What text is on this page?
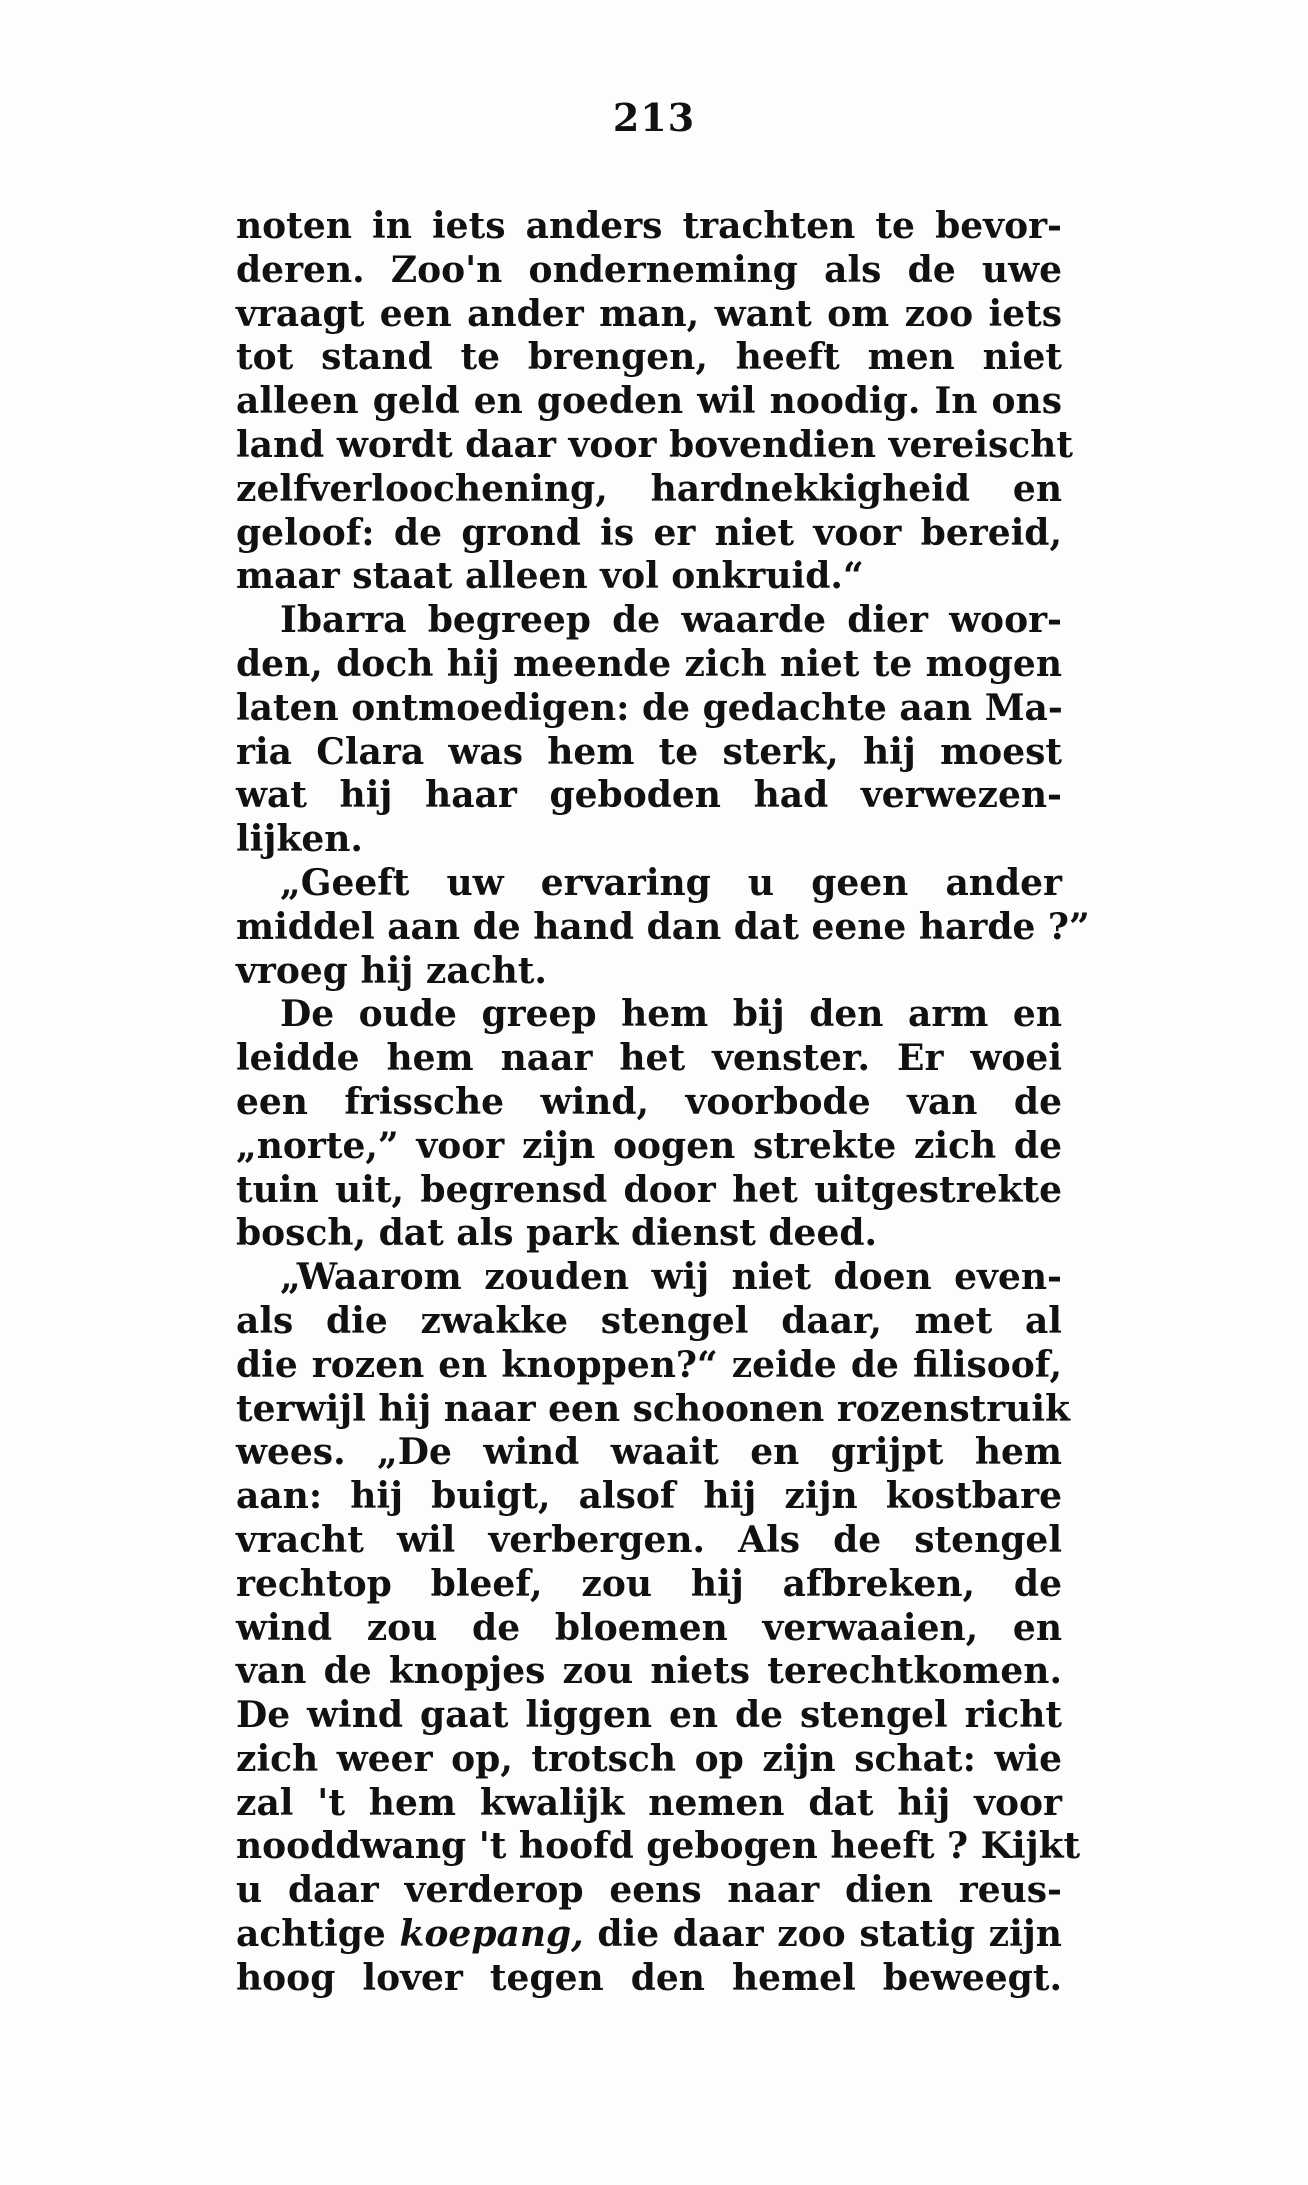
213
noten in iets anders trachten te bevor-
deren. Zoo'n onderneming als de uwe
vraagt een ander man, want om zoo iets
tot stand te brengen, heeft men niet
alleen geld en goeden wil noodig. In ons
land wordt daar voor bovendien vereischt
zelfverloochening, hardnekkigheid en
geloof: de grond is er niet voor bereid,
maar staat alleen vol onkruid.“
Ibarra begreep de waarde dier woor-
den, doch hij meende zich niet te mogen
laten ontmoedigen: de gedachte aan Ma-
ria Clara was hem te sterk, hij moest
wat hij haar geboden had verwezen-
lijken.
„Geeft uw ervaring u geen ander
middel aan de hand dan dat eene harde ?”
vroeg hij zacht.
De oude greep hem bij den arm en
leidde hem naar het venster. Er woei
een frissche wind, voorbode van de
„norte,” voor zijn oogen strekte zich de
tuin uit, begrensd door het uitgestrekte
bosch, dat als park dienst deed.
„Waarom zouden wij niet doen even-
als die zwakke stengel daar, met al
die rozen en knoppen?“ zeide de filisoof,
terwijl hij naar een schoonen rozenstruik
wees. „De wind waait en grijpt hem
aan: hij buigt, alsof hij zijn kostbare
vracht wil verbergen. Als de stengel
rechtop bleef, zou hij afbreken, de
wind zou de bloemen verwaaien, en
van de knopjes zou niets terechtkomen.
De wind gaat liggen en de stengel richt
zich weer op, trotsch op zijn schat: wie
zal 't hem kwalijk nemen dat hij voor
nooddwang 't hoofd gebogen heeft ? Kijkt
u daar verderop eens naar dien reus-
achtige koepang, die daar zoo statig zijn
hoog lover tegen den hemel beweegt.
